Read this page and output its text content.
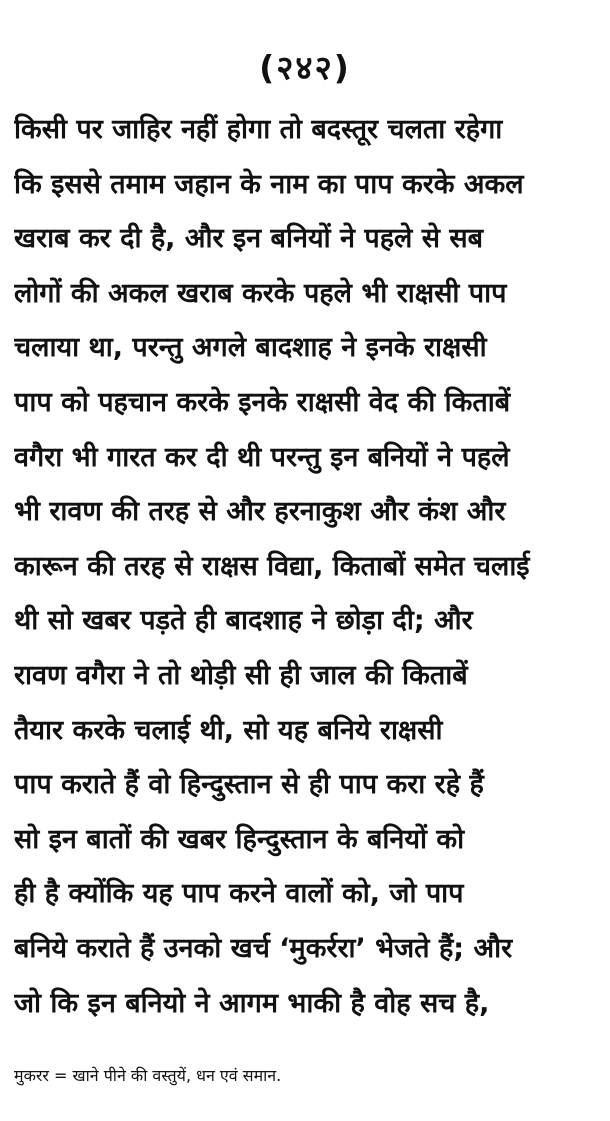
(२४२)
किसी पर जाहिर नहीं होगा तो बदस्तूर चलता रहेगा
कि इससे तमाम जहान के नाम का पाप करके अकल
खराब कर दी है, और इन बनियों ने पहले से सब
लोगों की अकल खराब करके पहले भी राक्षसी पाप
चलाया था, परन्तु अगले बादशाह ने इनके राक्षसी
पाप को पहचान करके इनके राक्षसी वेद की किताबें
वगैरा भी गारत कर दी थी परन्तु इन बनियों ने पहले
भी रावण की तरह से और हरनाकुश और कंश और
कारून की तरह से राक्षस विद्या, किताबों समेत चलाई
थी सो खबर पड़ते ही बादशाह ने छोड़ा दी; और
रावण वगैरा ने तो थोड़ी सी ही जाल की किताबें
तैयार करके चलाई थी, सो यह बनिये राक्षसी
पाप कराते हैं वो हिन्दुस्तान से ही पाप करा रहे हैं
सो इन बातों की खबर हिन्दुस्तान के बनियों को
ही है क्योंकि यह पाप करने वालों को, जो पाप
बनिये कराते हैं उनको खर्च ‘मुकर्ररा’ भेजते हैं; और
जो कि इन बनियो ने आगम भाकी है वोह सच है,
मुकरर = खाने पीने की वस्तुयें, धन एवं समान.
